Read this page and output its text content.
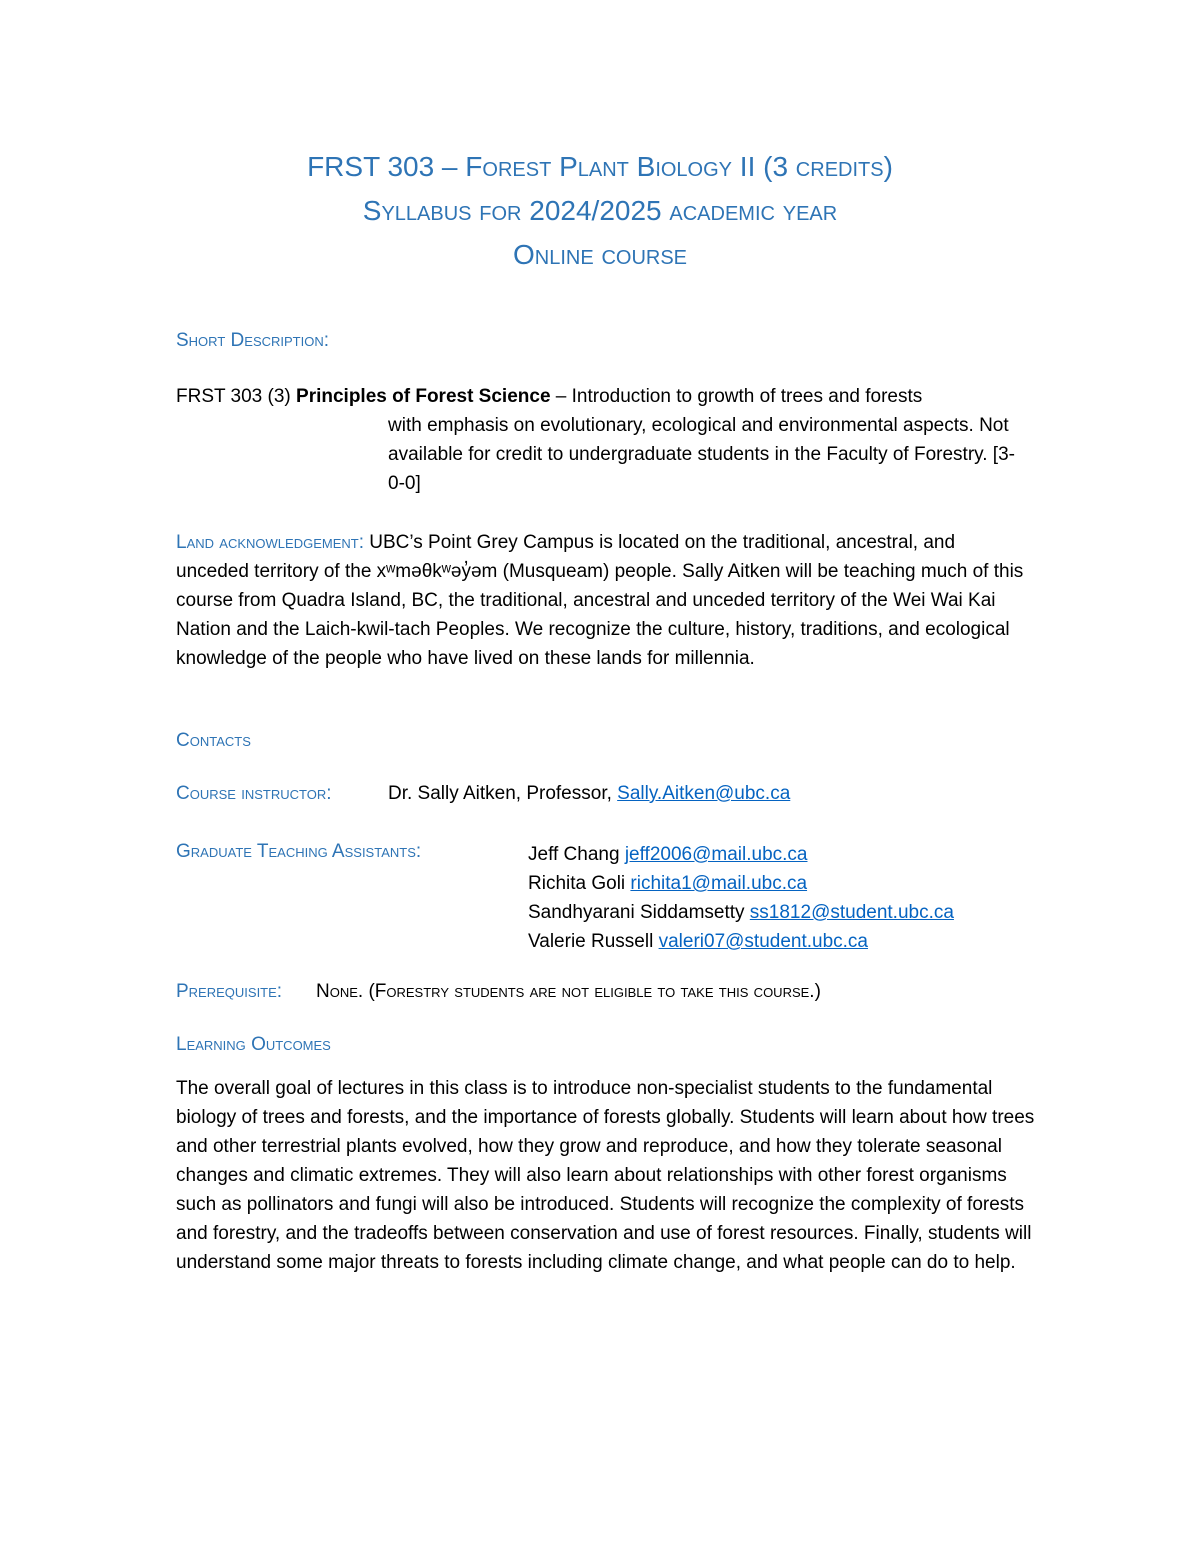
FRST 303 – Forest Plant Biology II (3 credits)
Syllabus for 2024/2025 academic year
Online course
Short Description:
FRST 303 (3) Principles of Forest Science – Introduction to growth of trees and forests
with emphasis on evolutionary, ecological and environmental aspects. Not available for credit to undergraduate students in the Faculty of Forestry. [3-0-0]
Land acknowledgement: UBC’s Point Grey Campus is located on the traditional, ancestral, and unceded territory of the xʷməθkʷəy̓əm (Musqueam) people. Sally Aitken will be teaching much of this course from Quadra Island, BC, the traditional, ancestral and unceded territory of the Wei Wai Kai Nation and the Laich-kwil-tach Peoples. We recognize the culture, history, traditions, and ecological knowledge of the people who have lived on these lands for millennia.
Contacts
Course instructor:	Dr. Sally Aitken, Professor, Sally.Aitken@ubc.ca
Graduate Teaching Assistants:	Jeff Chang jeff2006@mail.ubc.ca
Richita Goli richita1@mail.ubc.ca
Sandhyarani Siddamsetty ss1812@student.ubc.ca
Valerie Russell valeri07@student.ubc.ca
Prerequisite: None. (Forestry students are not eligible to take this course.)
Learning Outcomes
The overall goal of lectures in this class is to introduce non-specialist students to the fundamental biology of trees and forests, and the importance of forests globally. Students will learn about how trees and other terrestrial plants evolved, how they grow and reproduce, and how they tolerate seasonal changes and climatic extremes. They will also learn about relationships with other forest organisms such as pollinators and fungi will also be introduced. Students will recognize the complexity of forests and forestry, and the tradeoffs between conservation and use of forest resources. Finally, students will understand some major threats to forests including climate change, and what people can do to help.
